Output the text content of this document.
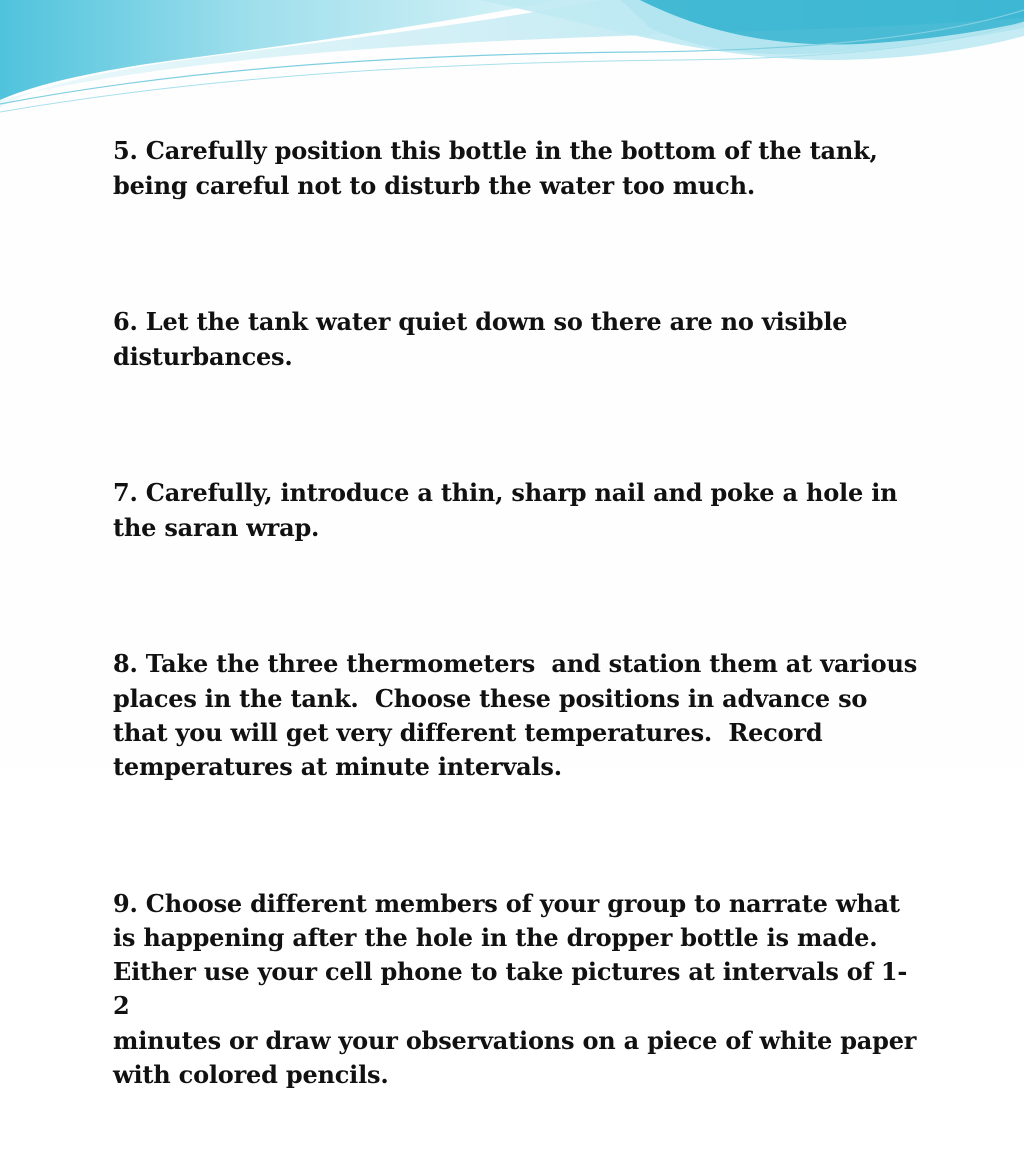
5. Carefully position this bottle in the bottom of the tank,
being careful not to disturb the water too much.

6. Let the tank water quiet down so there are no visible
disturbances.

7. Carefully, introduce a thin, sharp nail and poke a hole in
the saran wrap.

8. Take the three thermometers  and station them at various
places in the tank.  Choose these positions in advance so
that you will get very different temperatures.  Record
temperatures at minute intervals.

9. Choose different members of your group to narrate what
is happening after the hole in the dropper bottle is made.
Either use your cell phone to take pictures at intervals of 1-2
minutes or draw your observations on a piece of white paper
with colored pencils.
